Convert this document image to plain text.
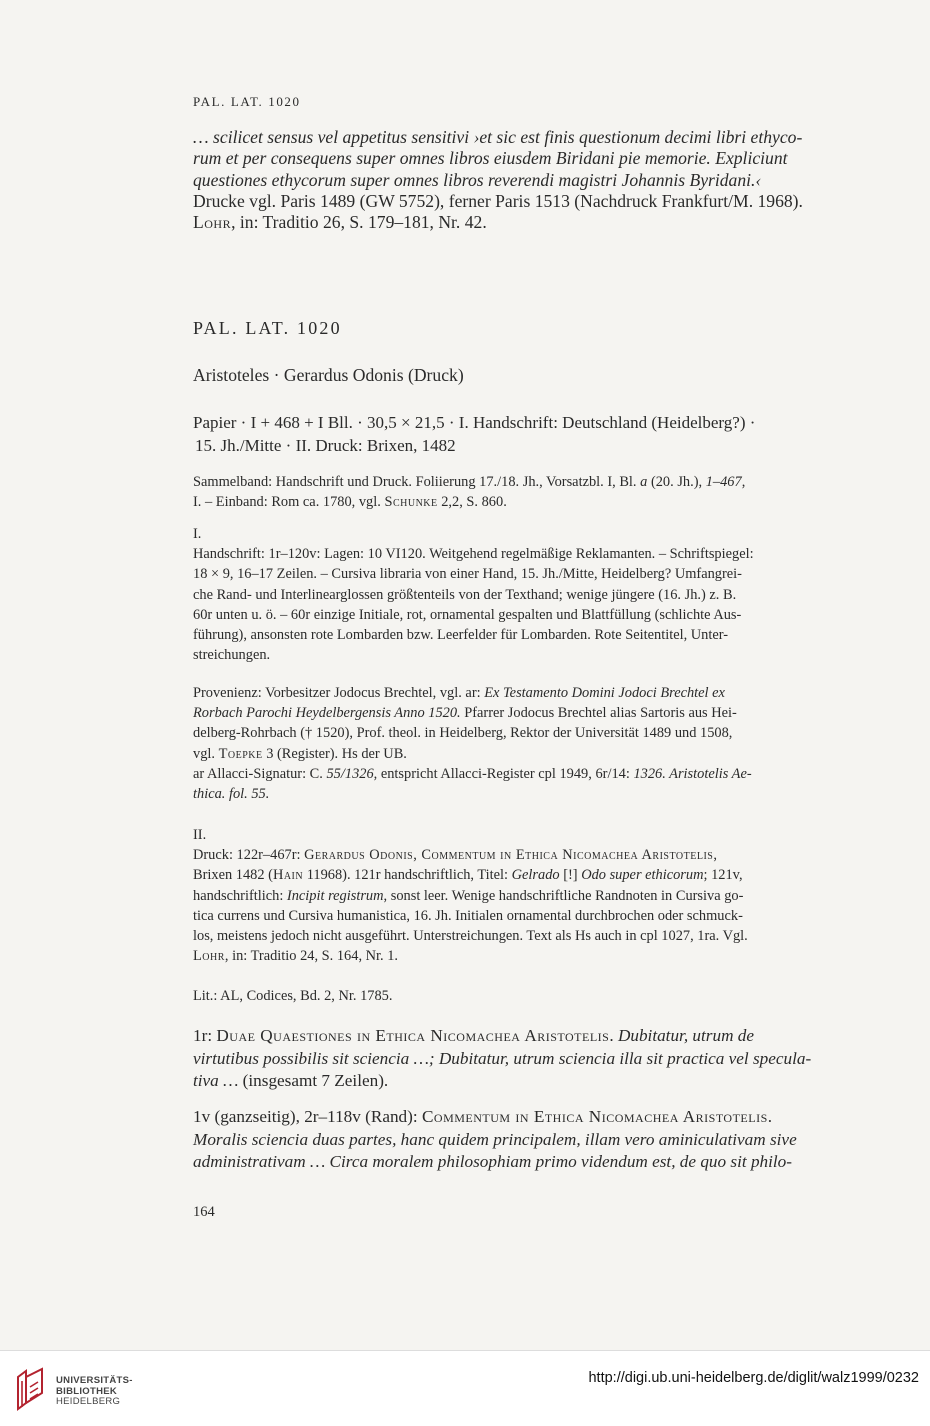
PAL. LAT. 1020
… scilicet sensus vel appetitus sensitivi ›et sic est finis questionum decimi libri ethyco-
rum et per consequens super omnes libros eiusdem Biridani pie memorie. Expliciunt
questiones ethycorum super omnes libros reverendi magistri Johannis Byridani.‹
Drucke vgl. Paris 1489 (GW 5752), ferner Paris 1513 (Nachdruck Frankfurt/M. 1968).
Lohr, in: Traditio 26, S. 179–181, Nr. 42.
PAL. LAT. 1020
Aristoteles · Gerardus Odonis (Druck)
Papier · I + 468 + I Bll. · 30,5 × 21,5 · I. Handschrift: Deutschland (Heidelberg?) ·
15. Jh./Mitte · II. Druck: Brixen, 1482
Sammelband: Handschrift und Druck. Foliierung 17./18. Jh., Vorsatzbl. I, Bl. a (20. Jh.), 1–467,
I. – Einband: Rom ca. 1780, vgl. Schunke 2,2, S. 860.
I.
Handschrift: 1r–120v: Lagen: 10 VI120. Weitgehend regelmäßige Reklamanten. – Schriftspiegel:
18 × 9, 16–17 Zeilen. – Cursiva libraria von einer Hand, 15. Jh./Mitte, Heidelberg? Umfangrei-
che Rand- und Interlinearglossen größtenteils von der Texthand; wenige jüngere (16. Jh.) z. B.
60r unten u. ö. – 60r einzige Initiale, rot, ornamental gespalten und Blattfüllung (schlichte Aus-
führung), ansonsten rote Lombarden bzw. Leerfelder für Lombarden. Rote Seitentitel, Unter-
streichungen.
Provenienz: Vorbesitzer Jodocus Brechtel, vgl. ar: Ex Testamento Domini Jodoci Brechtel ex
Rorbach Parochi Heydelbergensis Anno 1520. Pfarrer Jodocus Brechtel alias Sartoris aus Hei-
delberg-Rohrbach († 1520), Prof. theol. in Heidelberg, Rektor der Universität 1489 und 1508,
vgl. Toepke 3 (Register). Hs der UB.
ar Allacci-Signatur: C. 55/1326, entspricht Allacci-Register cpl 1949, 6r/14: 1326. Aristotelis Ae-
thica. fol. 55.
II.
Druck: 122r–467r: Gerardus Odonis, Commentum in Ethica Nicomachea Aristotelis,
Brixen 1482 (Hain 11968). 121r handschriftlich, Titel: Gelrado [!] Odo super ethicorum; 121v,
handschriftlich: Incipit registrum, sonst leer. Wenige handschriftliche Randnoten in Cursiva go-
tica currens und Cursiva humanistica, 16. Jh. Initialen ornamental durchbrochen oder schmuck-
los, meistens jedoch nicht ausgeführt. Unterstreichungen. Text als Hs auch in cpl 1027, 1ra. Vgl.
Lohr, in: Traditio 24, S. 164, Nr. 1.
Lit.: AL, Codices, Bd. 2, Nr. 1785.
1r: Duae Quaestiones in Ethica Nicomachea Aristotelis. Dubitatur, utrum de
virtutibus possibilis sit sciencia …; Dubitatur, utrum sciencia illa sit practica vel specula-
tiva … (insgesamt 7 Zeilen).
1v (ganzseitig), 2r–118v (Rand): Commentum in Ethica Nicomachea Aristotelis.
Moralis sciencia duas partes, hanc quidem principalem, illam vero aminiculativam sive
administrativam … Circa moralem philosophiam primo videndum est, de quo sit philo-
164
UNIVERSITÄTS-
BIBLIOTHEK
HEIDELBERG
http://digi.ub.uni-heidelberg.de/diglit/walz1999/0232
